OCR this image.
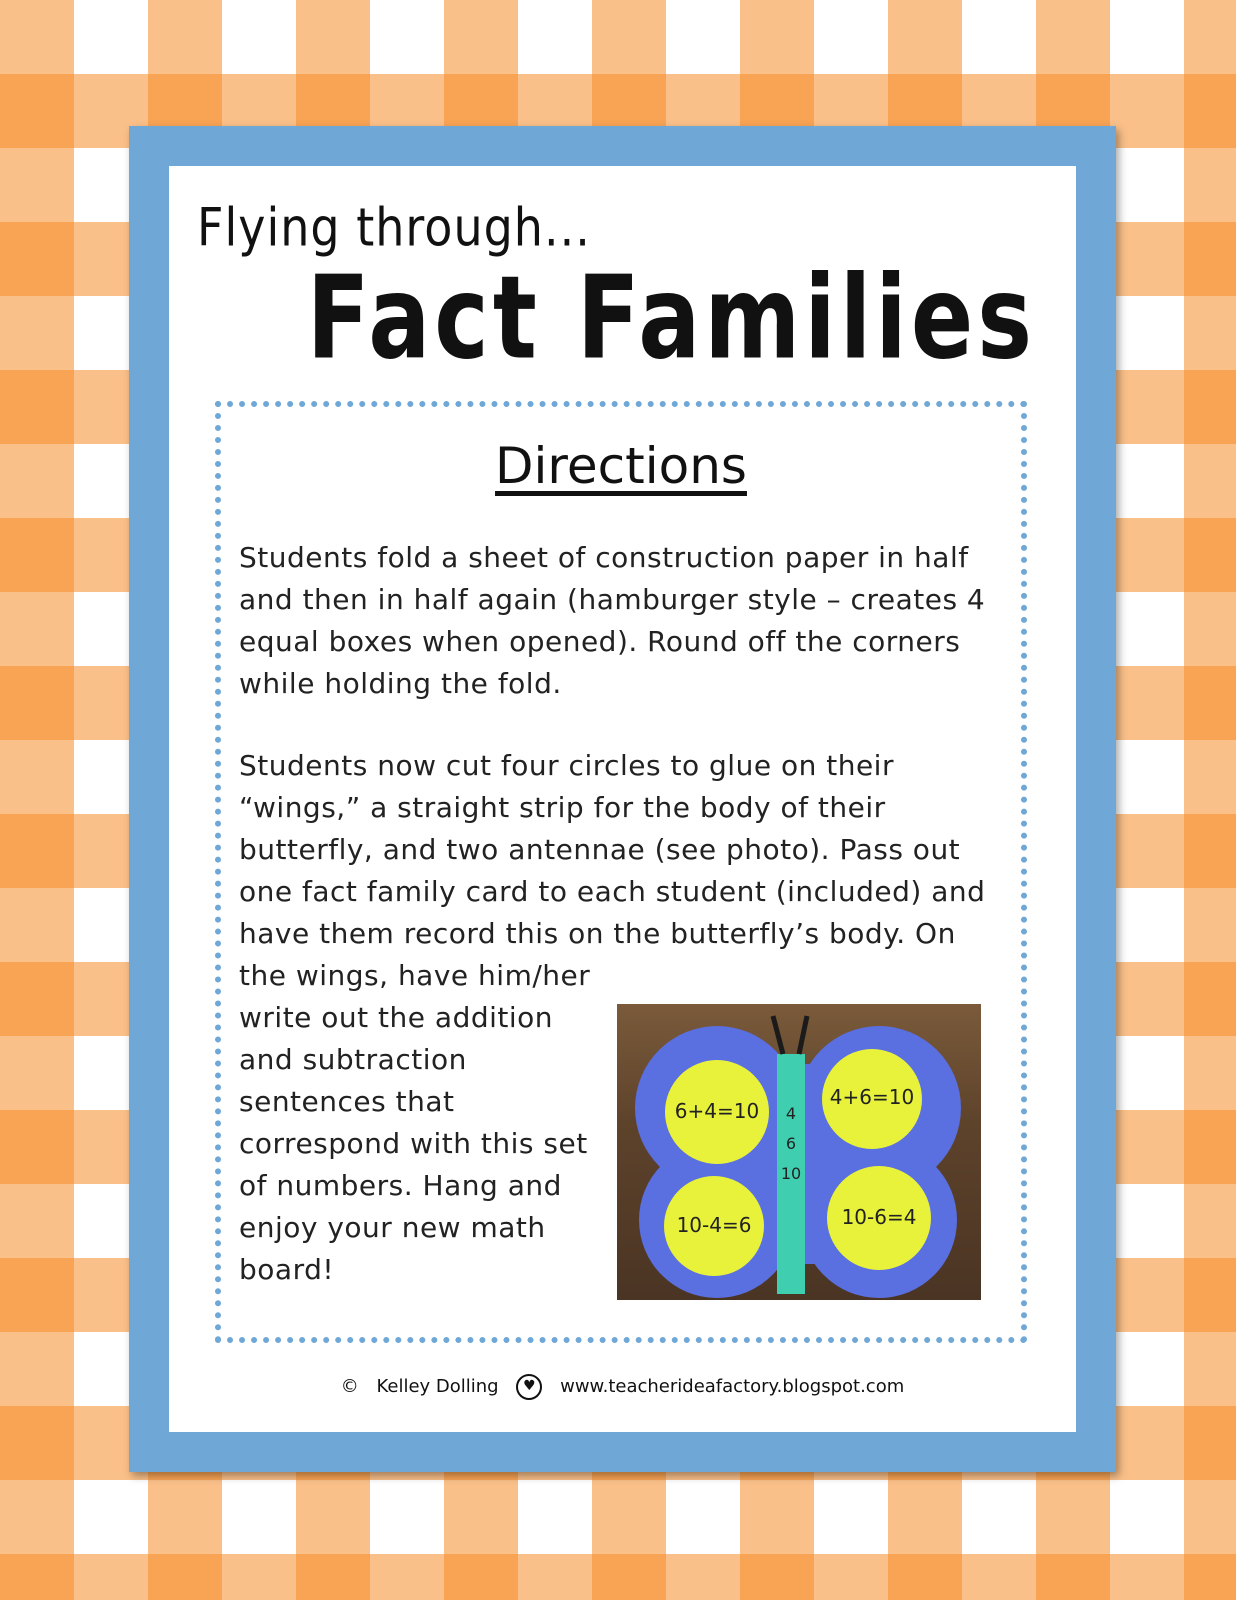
Flying through...
Fact Families
Directions
Students fold a sheet of construction paper in half and then in half again (hamburger style – creates 4 equal boxes when opened). Round off the corners while holding the fold.
Students now cut four circles to glue on their “wings,” a straight strip for the body of their butterfly, and two antennae (see photo). Pass out one fact family card to each student (included) and have them record this on the butterfly’s body. On the wings, have him/her
write out the addition and subtraction sentences that correspond with this set of numbers. Hang and enjoy your new math board!
6+4=10
4+6=10
10-4=6	10-6=4
4
6
10
© Kelley Dolling ♥ www.teacherideafactory.blogspot.com
